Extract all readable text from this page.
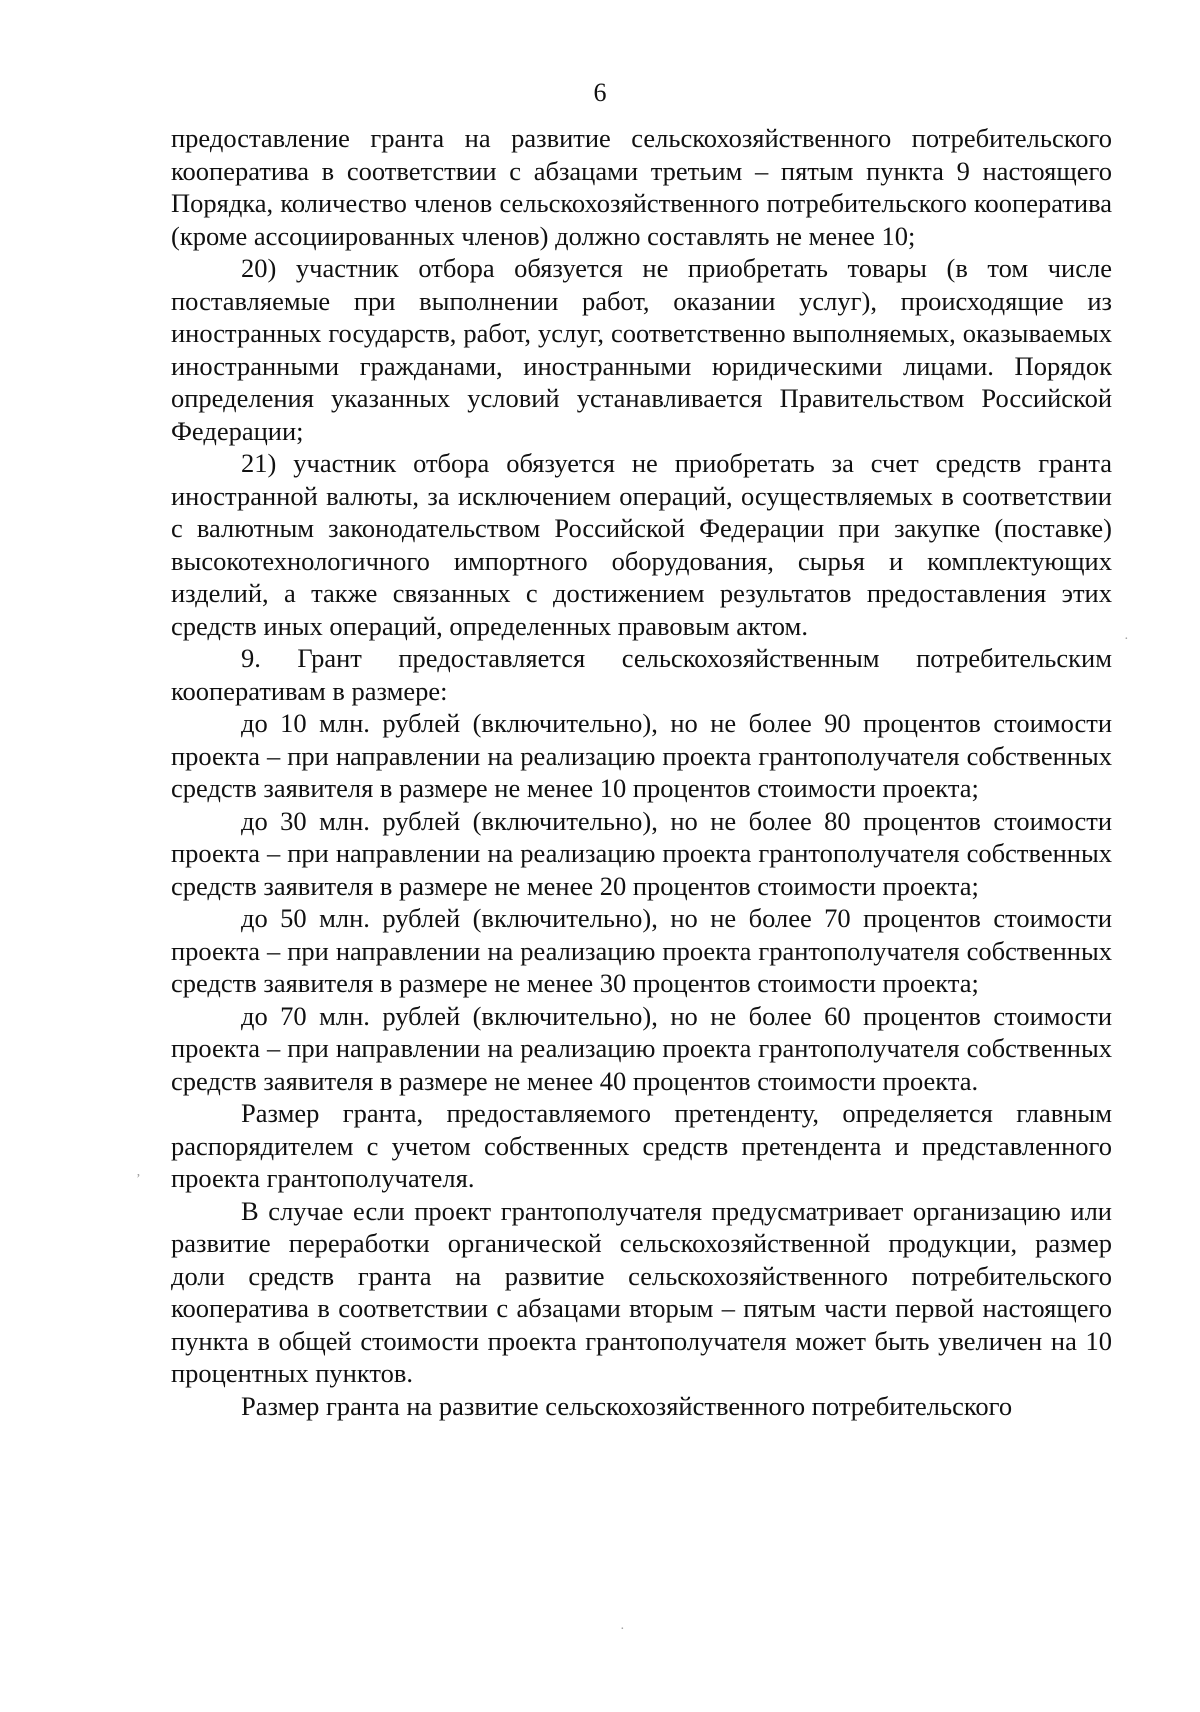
6

предоставление гранта на развитие сельскохозяйственного потребительского кооператива в соответствии с абзацами третьим – пятым пункта 9 настоящего Порядка, количество членов сельскохозяйственного потребительского кооператива (кроме ассоциированных членов) должно составлять не менее 10;

20) участник отбора обязуется не приобретать товары (в том числе поставляемые при выполнении работ, оказании услуг), происходящие из иностранных государств, работ, услуг, соответственно выполняемых, оказываемых иностранными гражданами, иностранными юридическими лицами. Порядок определения указанных условий устанавливается Правительством Российской Федерации;

21) участник отбора обязуется не приобретать за счет средств гранта иностранной валюты, за исключением операций, осуществляемых в соответствии с валютным законодательством Российской Федерации при закупке (поставке) высокотехнологичного импортного оборудования, сырья и комплектующих изделий, а также связанных с достижением результатов предоставления этих средств иных операций, определенных правовым актом.

9. Грант предоставляется сельскохозяйственным потребительским кооперативам в размере:

до 10 млн. рублей (включительно), но не более 90 процентов стоимости проекта – при направлении на реализацию проекта грантополучателя собственных средств заявителя в размере не менее 10 процентов стоимости проекта;

до 30 млн. рублей (включительно), но не более 80 процентов стоимости проекта – при направлении на реализацию проекта грантополучателя собственных средств заявителя в размере не менее 20 процентов стоимости проекта;

до 50 млн. рублей (включительно), но не более 70 процентов стоимости проекта – при направлении на реализацию проекта грантополучателя собственных средств заявителя в размере не менее 30 процентов стоимости проекта;

до 70 млн. рублей (включительно), но не более 60 процентов стоимости проекта – при направлении на реализацию проекта грантополучателя собственных средств заявителя в размере не менее 40 процентов стоимости проекта.

Размер гранта, предоставляемого претенденту, определяется главным распорядителем с учетом собственных средств претендента и представленного проекта грантополучателя.

В случае если проект грантополучателя предусматривает организацию или развитие переработки органической сельскохозяйственной продукции, размер доли средств гранта на развитие сельскохозяйственного потребительского кооператива в соответствии с абзацами вторым – пятым части первой настоящего пункта в общей стоимости проекта грантополучателя может быть увеличен на 10 процентных пунктов.

Размер гранта на развитие сельскохозяйственного потребительского

ʼ
·
·
